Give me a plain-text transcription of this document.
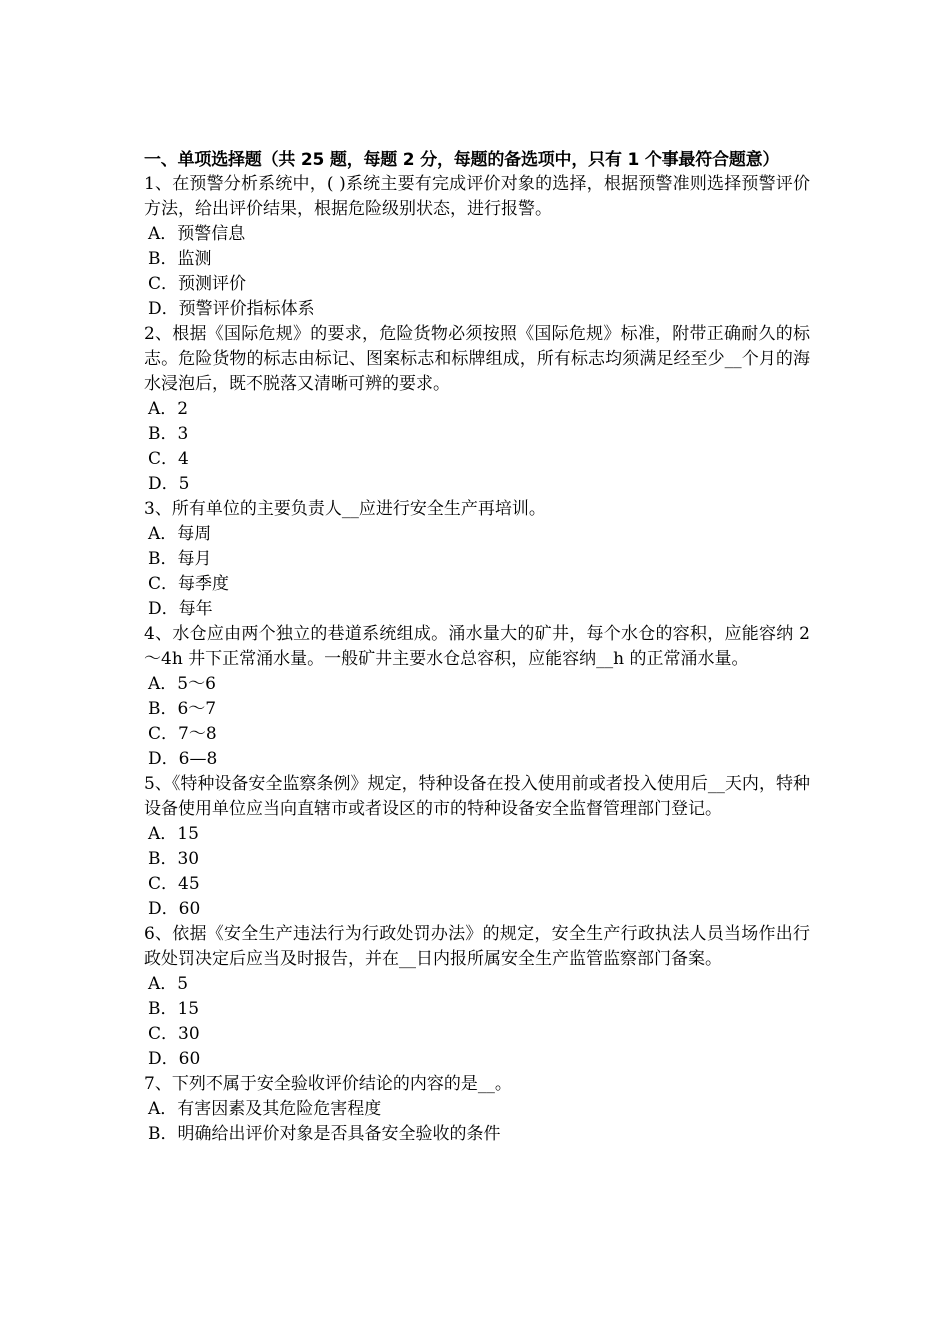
一、单项选择题（共 25 题，每题 2 分，每题的备选项中，只有 1 个事最符合题意）
1、在预警分析系统中，( )系统主要有完成评价对象的选择，根据预警准则选择预警评价方法，给出评价结果，根据危险级别状态，进行报警。
A．预警信息
B．监测
C．预测评价
D．预警评价指标体系
2、根据《国际危规》的要求，危险货物必须按照《国际危规》标准，附带正确耐久的标志。危险货物的标志由标记、图案标志和标牌组成，所有标志均须满足经至少__个月的海水浸泡后，既不脱落又清晰可辨的要求。
A．2
B．3
C．4
D．5
3、所有单位的主要负责人__应进行安全生产再培训。
A．每周
B．每月
C．每季度
D．每年
4、水仓应由两个独立的巷道系统组成。涌水量大的矿井，每个水仓的容积，应能容纳 2～4h 井下正常涌水量。一般矿井主要水仓总容积，应能容纳__h 的正常涌水量。
A．5～6
B．6～7
C．7～8
D．6—8
5、《特种设备安全监察条例》规定，特种设备在投入使用前或者投入使用后__天内，特种设备使用单位应当向直辖市或者设区的市的特种设备安全监督管理部门登记。
A．15
B．30
C．45
D．60
6、依据《安全生产违法行为行政处罚办法》的规定，安全生产行政执法人员当场作出行政处罚决定后应当及时报告，并在__日内报所属安全生产监管监察部门备案。
A．5
B．15
C．30
D．60
7、下列不属于安全验收评价结论的内容的是__。
A．有害因素及其危险危害程度
B．明确给出评价对象是否具备安全验收的条件
